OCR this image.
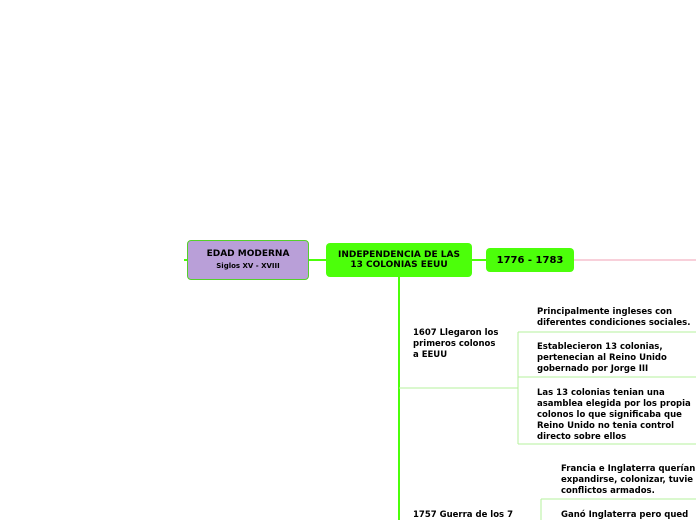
EDAD MODERNA
Siglos XV - XVIII
INDEPENDENCIA DE LAS
13 COLONIAS EEUU	1776 - 1783
1607 Llegaron los
primeros colonos
a EEUU
Principalmente ingleses con
diferentes condiciones sociales.
Establecieron 13 colonias,
pertenecian al Reino Unido
gobernado por Jorge III
Las 13 colonias tenian una
asamblea elegida por los propia
colonos lo que significaba que
Reino Unido no tenia control
directo sobre ellos
1757 Guerra de los 7
Francia e Inglaterra querían
expandirse, colonizar, tuvie
conflictos armados.
Ganó Inglaterra pero qued
